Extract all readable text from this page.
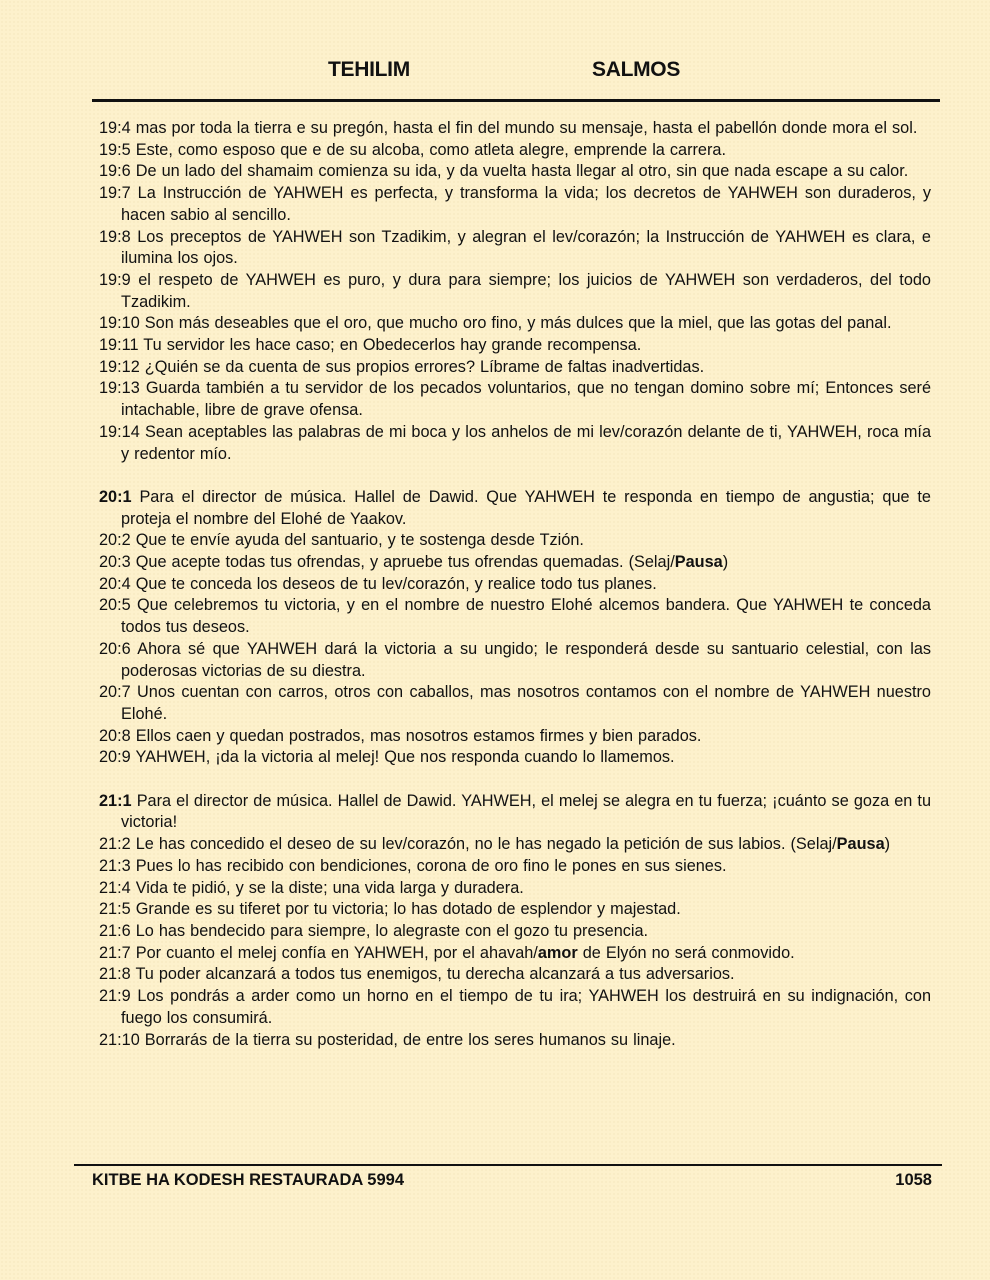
TEHILIM	SALMOS

19:4 mas por toda la tierra e su pregón, hasta el fin del mundo su mensaje, hasta el pabellón donde mora el sol.

19:5 Este, como esposo que e de su alcoba, como atleta alegre, emprende la carrera.

19:6 De un lado del shamaim comienza su ida, y da vuelta hasta llegar al otro, sin que nada escape a su calor.

19:7 La Instrucción de YAHWEH es perfecta, y transforma la vida; los decretos de YAHWEH son duraderos, y hacen sabio al sencillo.

19:8 Los preceptos de YAHWEH son Tzadikim, y alegran el lev/corazón; la Instrucción de YAHWEH es clara, e ilumina los ojos.

19:9 el respeto de YAHWEH es puro, y dura para siempre; los juicios de YAHWEH son verdaderos, del todo Tzadikim.

19:10 Son más deseables que el oro, que mucho oro fino, y más dulces que la miel, que las gotas del panal.

19:11 Tu servidor les hace caso; en Obedecerlos hay grande recompensa.

19:12 ¿Quién se da cuenta de sus propios errores? Líbrame de faltas inadvertidas.

19:13 Guarda también a tu servidor de los pecados voluntarios, que no tengan domino sobre mí; Entonces seré intachable, libre de grave ofensa.

19:14 Sean aceptables las palabras de mi boca y los anhelos de mi lev/corazón delante de ti, YAHWEH, roca mía y redentor mío.

20:1 Para el director de música. Hallel de Dawid. Que YAHWEH te responda en tiempo de angustia; que te proteja el nombre del Elohé de Yaakov.

20:2 Que te envíe ayuda del santuario, y te sostenga desde Tzión.

20:3 Que acepte todas tus ofrendas, y apruebe tus ofrendas quemadas. (Selaj/Pausa)

20:4 Que te conceda los deseos de tu lev/corazón, y realice todo tus planes.

20:5 Que celebremos tu victoria, y en el nombre de nuestro Elohé alcemos bandera. Que YAHWEH te conceda todos tus deseos.

20:6 Ahora sé que YAHWEH dará la victoria a su ungido; le responderá desde su santuario celestial, con las poderosas victorias de su diestra.

20:7 Unos cuentan con carros, otros con caballos, mas nosotros contamos con el nombre de YAHWEH nuestro Elohé.

20:8 Ellos caen y quedan postrados, mas nosotros estamos firmes y bien parados.

20:9 YAHWEH, ¡da la victoria al melej! Que nos responda cuando lo llamemos.

21:1 Para el director de música. Hallel de Dawid. YAHWEH, el melej se alegra en tu fuerza; ¡cuánto se goza en tu victoria!

21:2 Le has concedido el deseo de su lev/corazón, no le has negado la petición de sus labios. (Selaj/Pausa)

21:3 Pues lo has recibido con bendiciones, corona de oro fino le pones en sus sienes.

21:4 Vida te pidió, y se la diste; una vida larga y duradera.

21:5 Grande es su tiferet por tu victoria; lo has dotado de esplendor y majestad.

21:6 Lo has bendecido para siempre, lo alegraste con el gozo tu presencia.

21:7 Por cuanto el melej confía en YAHWEH, por el ahavah/amor de Elyón no será conmovido.

21:8 Tu poder alcanzará a todos tus enemigos, tu derecha alcanzará a tus adversarios.

21:9 Los pondrás a arder como un horno en el tiempo de tu ira; YAHWEH los destruirá en su indignación, con fuego los consumirá.

21:10 Borrarás de la tierra su posteridad, de entre los seres humanos su linaje.

KITBE HA KODESH RESTAURADA 5994	1058
